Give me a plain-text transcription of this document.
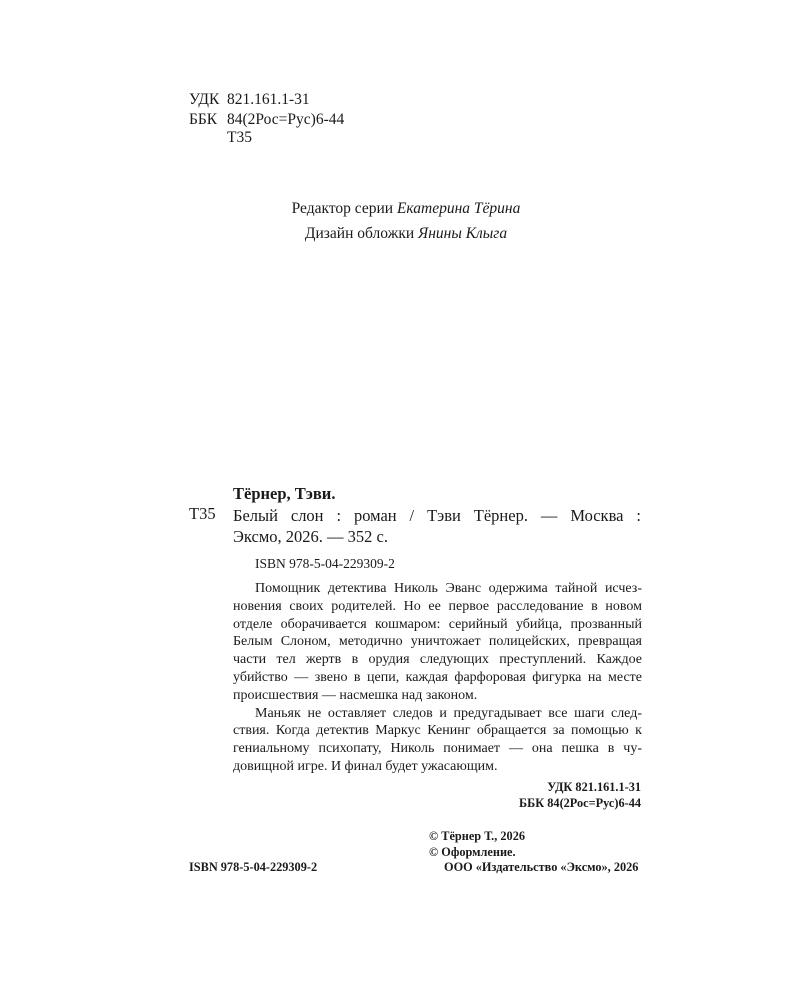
УДК 821.161.1-31
ББК 84(2Рос=Рус)6-44
Т35
Редактор серии Екатерина Тёрина
Дизайн обложки Янины Клыга
Тёрнер, Тэви.
Т35 Белый слон : роман / Тэви Тёрнер. — Москва :
Эксмо, 2026. — 352 с.
ISBN 978-5-04-229309-2

Помощник детектива Николь Эванс одержима тайной исчезновения своих родителей. Но ее первое расследование в новом отделе оборачивается кошмаром: серийный убийца, прозванный Белым Слоном, методично уничтожает полицейских, превращая части тел жертв в орудия следующих преступлений. Каждое убийство — звено в цепи, каждая фарфоровая фигурка на месте происшествия — насмешка над законом.

Маньяк не оставляет следов и предугадывает все шаги следствия. Когда детектив Маркус Кенинг обращается за помощью к гениальному психопату, Николь понимает — она пешка в чудовищной игре. И финал будет ужасающим.

УДК 821.161.1-31
ББК 84(2Рос=Рус)6-44
© Тёрнер Т., 2026
© Оформление.
ООО «Издательство «Эксмо», 2026
ISBN 978-5-04-229309-2
